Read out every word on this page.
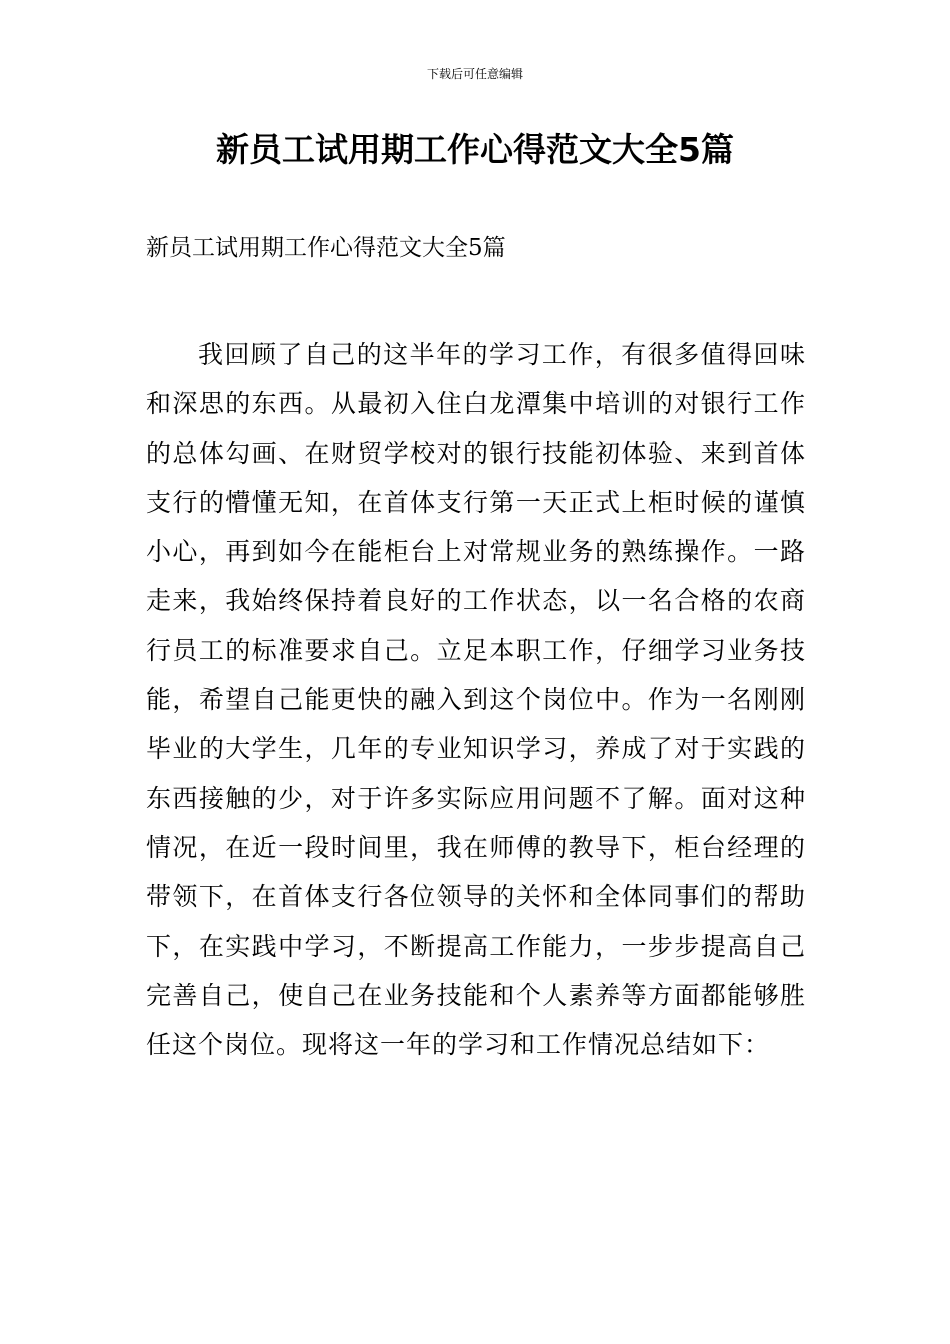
下载后可任意编辑
新员工试用期工作心得范文大全5篇

新员工试用期工作心得范文大全5篇

我回顾了自己的这半年的学习工作，有很多值得回味和深思的东西。从最初入住白龙潭集中培训的对银行工作的总体勾画、在财贸学校对的银行技能初体验、来到首体支行的懵懂无知，在首体支行第一天正式上柜时候的谨慎小心，再到如今在能柜台上对常规业务的熟练操作。一路走来，我始终保持着良好的工作状态，以一名合格的农商行员工的标准要求自己。立足本职工作，仔细学习业务技能，希望自己能更快的融入到这个岗位中。作为一名刚刚毕业的大学生，几年的专业知识学习，养成了对于实践的东西接触的少，对于许多实际应用问题不了解。面对这种情况，在近一段时间里，我在师傅的教导下，柜台经理的带领下，在首体支行各位领导的关怀和全体同事们的帮助下，在实践中学习，不断提高工作能力，一步步提高自己完善自己，使自己在业务技能和个人素养等方面都能够胜任这个岗位。现将这一年的学习和工作情况总结如下：
